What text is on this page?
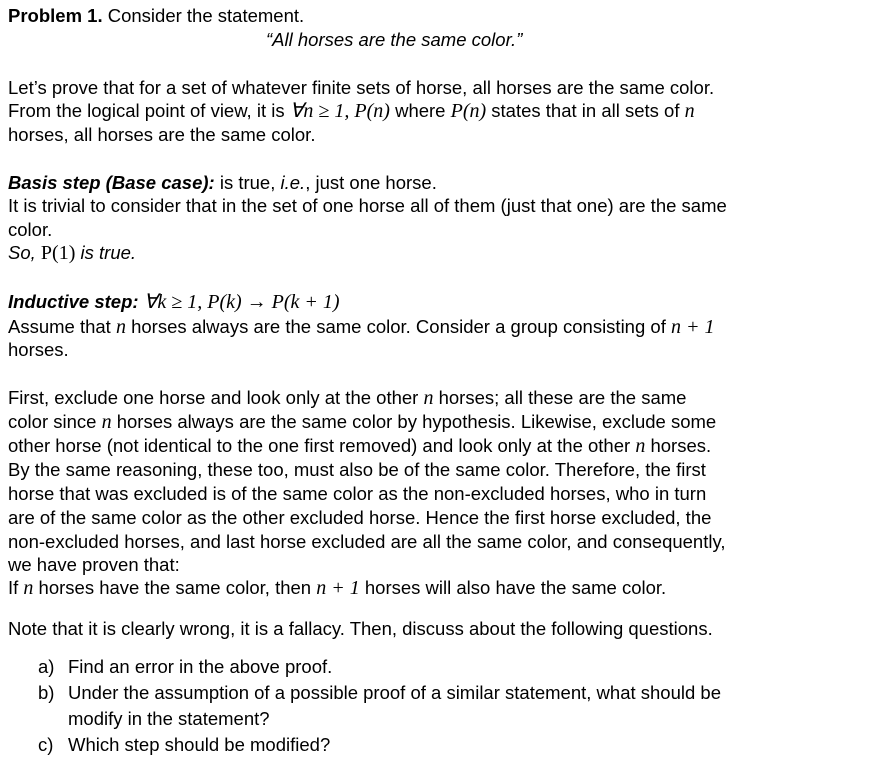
Problem 1. Consider the statement.
“All horses are the same color.”
Let’s prove that for a set of whatever finite sets of horse, all horses are the same color.
From the logical point of view, it is ∀n ≥ 1, P(n) where P(n) states that in all sets of n
horses, all horses are the same color.
Basis step (Base case): is true, i.e., just one horse.
It is trivial to consider that in the set of one horse all of them (just that one) are the same
color.
So, P(1) is true.
Inductive step: ∀k ≥ 1, P(k) → P(k + 1)
Assume that n horses always are the same color. Consider a group consisting of n + 1
horses.
First, exclude one horse and look only at the other n horses; all these are the same
color since n horses always are the same color by hypothesis. Likewise, exclude some
other horse (not identical to the one first removed) and look only at the other n horses.
By the same reasoning, these too, must also be of the same color. Therefore, the first
horse that was excluded is of the same color as the non-excluded horses, who in turn
are of the same color as the other excluded horse. Hence the first horse excluded, the
non-excluded horses, and last horse excluded are all the same color, and consequently,
we have proven that:
If n horses have the same color, then n + 1 horses will also have the same color.
Note that it is clearly wrong, it is a fallacy. Then, discuss about the following questions.
a) Find an error in the above proof.
b) Under the assumption of a possible proof of a similar statement, what should be
modify in the statement?
c) Which step should be modified?
